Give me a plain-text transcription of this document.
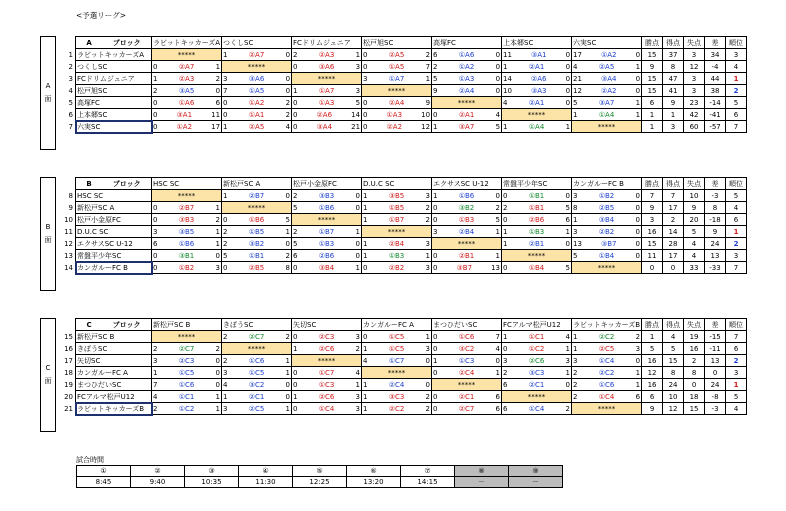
<予選リーグ>
A
面
	A　　　ブロック	ラビットキッカーズA	つくしSC	FCドリムジュニア	松戸旭SC	高塚FC	上本郷SC	六実SC	勝点	得点	失点	差	順位
1	ラビットキッカーズA	*****	1 ②A7 0	2 ②A3 1	0 ②A5 2	6 ①A6 0	11 ③A1 0	17 ①A2 0	15	37	3	34	3
2	つくしSC	0 ②A7 1	*****	0 ③A6 3	0 ①A5 7	2 ①A2 0	1 ②A1 0	4 ②A5 1	9	8	12	-4	4
3	FCドリムジュニア	1 ②A3 2	3 ③A6 0	*****	3 ①A7 1	5 ①A3 0	14 ②A6 0	21 ③A4 0	15	47	3	44	1
4	松戸旭SC	2 ③A5 0	7 ①A5 0	1 ①A7 3	*****	9 ②A4 0	10 ③A3 0	12 ②A2 0	15	41	3	38	2
5	高塚FC	0 ①A6 6	0 ①A2 2	0 ①A3 5	0 ②A4 9	*****	4 ②A1 0	5 ③A7 1	6	9	23	-14	5
6	上本郷SC	0 ③A1 11	0 ①A1 2	0 ②A6 14	0 ①A3 10	0 ②A1 4	*****	1 ①A4 1	1	1	42	-41	6
7	六実SC	0 ①A2 17	1 ②A5 4	0 ③A4 21	0 ②A2 12	1 ③A7 5	1 ①A4 1	*****	1	3	60	-57	7
B
面
	B　　　ブロック	HSC SC	新松戸SC A	松戸小金原FC	D.U.C SC	エクサスSC U-12	常盤平少年SC	カンガルーFC B	勝点	得点	失点	差	順位
8	HSC SC	*****	1 ②B7 0	2 ③B3 0	1 ③B5 3	1 ①B6 0	0 ①B1 0	3 ①B2 0	7	7	10	-3	5
9	新松戸SC A	0 ②B7 1	*****	5 ①B6 0	1 ①B5 2	0 ③B2 2	2 ①B1 5	8 ②B5 0	9	17	9	8	4
10	松戸小金原FC	0 ③B3 2	0 ①B6 5	*****	1 ①B7 2	0 ①B3 5	0 ②B6 6	1 ③B4 0	3	2	20	-18	6
11	D.U.C SC	3 ③B5 1	2 ①B5 1	2 ①B7 1	*****	3 ②B4 1	1 ①B3 1	3 ②B2 0	16	14	5	9	1
12	エクサスSC U-12	6 ①B6 1	2 ③B2 0	5 ①B3 0	1 ②B4 3	*****	1 ②B1 0	13 ③B7 0	15	28	4	24	2
13	常盤平少年SC	0 ③B1 0	5 ①B1 2	6 ②B6 0	1 ①B3 1	0 ②B1 1	*****	5 ①B4 0	11	17	4	13	3
14	カンガルーFC B	0 ①B2 3	0 ②B5 8	0 ③B4 1	0 ②B2 3	0 ③B7 13	0 ①B4 5	*****	0	0	33	-33	7
C
面
	C　　　ブロック	新松戸SC B	きぼうSC	矢切SC	カンガルーFC A	まつひだいSC	FCアルマ松戸U12	ラビットキッカーズB	勝点	得点	失点	差	順位
15	新松戸SC B	*****	2 ②C7 2	0 ②C3 3	0 ①C5 1	0 ①C6 7	1 ①C1 4	1 ②C2 2	1	4	19	-15	7
16	きぼうSC	2 ②C7 2	*****	1 ②C6 2	1 ①C5 3	0 ③C2 4	0 ①C2 1	1 ②C5 3	5	5	16	-11	6
17	矢切SC	3 ②C3 0	2 ①C6 1	*****	4 ①C7 0	1 ①C3 0	3 ②C6 3	3 ①C4 0	16	15	2	13	2
18	カンガルーFC A	1 ①C5 0	3 ①C5 1	0 ①C7 4	*****	0 ②C4 1	2 ③C3 1	2 ②C2 1	12	8	8	0	3
19	まつひだいSC	7 ①C6 0	4 ③C2 0	0 ①C3 1	1 ②C4 0	*****	6 ②C1 0	2 ①C6 1	16	24	0	24	1
20	FCアルマ松戸U12	4 ①C1 1	1 ②C1 0	1 ②C6 3	1 ③C3 2	0 ②C1 6	*****	2 ①C4 6	6	10	18	-8	5
21	ラビットキッカーズB	2 ①C2 1	3 ②C5 1	0 ①C4 3	1 ②C2 2	0 ②C7 6	6 ①C4 2	*****	9	12	15	-3	4
試合時間
①	②	③	④	⑤	⑥	⑦	⑧	⑨
8:45	9:40	10:35	11:30	12:25	13:20	14:15	－	－
